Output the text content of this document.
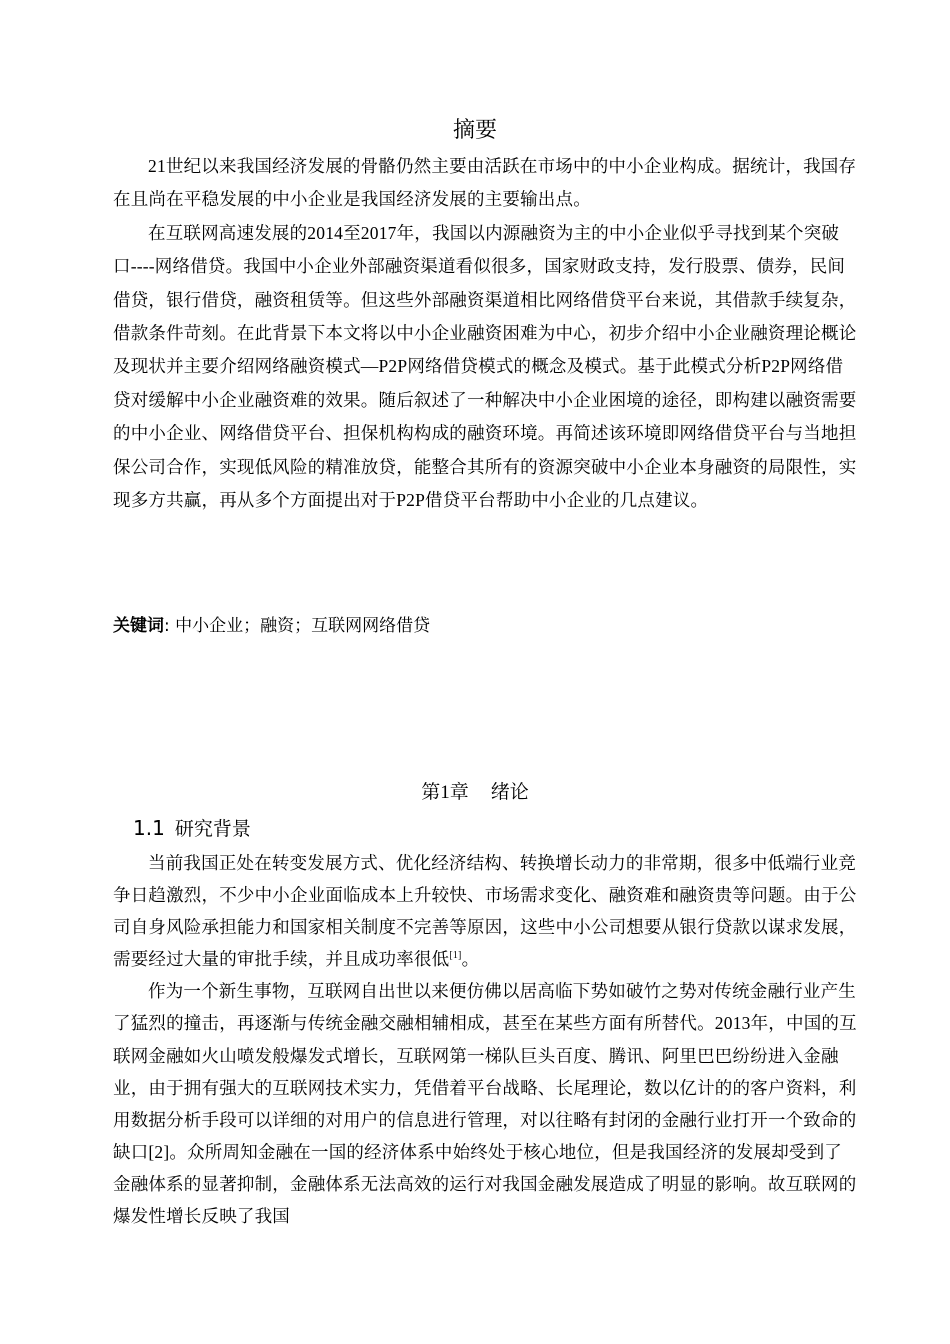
摘要

21世纪以来我国经济发展的骨骼仍然主要由活跃在市场中的中小企业构成。据统计，我国存在且尚在平稳发展的中小企业是我国经济发展的主要输出点。

在互联网高速发展的2014至2017年，我国以内源融资为主的中小企业似乎寻找到某个突破口----网络借贷。我国中小企业外部融资渠道看似很多，国家财政支持，发行股票、债券，民间借贷，银行借贷，融资租赁等。但这些外部融资渠道相比网络借贷平台来说，其借款手续复杂，借款条件苛刻。在此背景下本文将以中小企业融资困难为中心，初步介绍中小企业融资理论概论及现状并主要介绍网络融资模式—P2P网络借贷模式的概念及模式。基于此模式分析P2P网络借贷对缓解中小企业融资难的效果。随后叙述了一种解决中小企业困境的途径，即构建以融资需要的中小企业、网络借贷平台、担保机构构成的融资环境。再简述该环境即网络借贷平台与当地担保公司合作，实现低风险的精准放贷，能整合其所有的资源突破中小企业本身融资的局限性，实现多方共赢，再从多个方面提出对于P2P借贷平台帮助中小企业的几点建议。

关键词: 中小企业；融资；互联网网络借贷
第1章 绪论
1.1 研究背景

当前我国正处在转变发展方式、优化经济结构、转换增长动力的非常期，很多中低端行业竞争日趋激烈，不少中小企业面临成本上升较快、市场需求变化、融资难和融资贵等问题。由于公司自身风险承担能力和国家相关制度不完善等原因，这些中小公司想要从银行贷款以谋求发展，需要经过大量的审批手续，并且成功率很低[1]。

作为一个新生事物，互联网自出世以来便仿佛以居高临下势如破竹之势对传统金融行业产生了猛烈的撞击，再逐渐与传统金融交融相辅相成，甚至在某些方面有所替代。2013年，中国的互联网金融如火山喷发般爆发式增长，互联网第一梯队巨头百度、腾讯、阿里巴巴纷纷进入金融业，由于拥有强大的互联网技术实力，凭借着平台战略、长尾理论，数以亿计的的客户资料，利用数据分析手段可以详细的对用户的信息进行管理，对以往略有封闭的金融行业打开一个致命的缺口[2]。众所周知金融在一国的经济体系中始终处于核心地位，但是我国经济的发展却受到了金融体系的显著抑制，金融体系无法高效的运行对我国金融发展造成了明显的影响。故互联网的爆发性增长反映了我国
